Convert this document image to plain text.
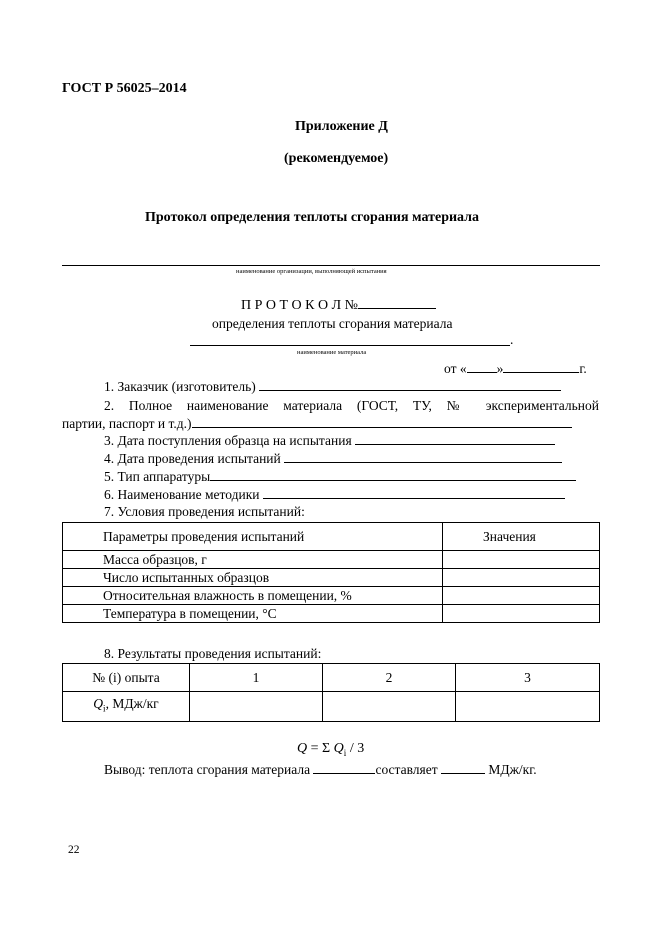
ГОСТ Р 56025–2014
Приложение Д
(рекомендуемое)
Протокол определения теплоты сгорания материала
наименование организации, выполняющей испытания
П Р О Т О К О Л №
определения теплоты сгорания материала
.
наименование материала
от « »	г.
1. Заказчик (изготовитель)
2. Полное наименование материала (ГОСТ, ТУ, № экспериментальной
партии, паспорт и т.д.)
3. Дата поступления образца на испытания
4. Дата проведения испытаний
5. Тип аппаратуры
6. Наименование методики
7. Условия проведения испытаний:
Параметры проведения испытаний	Значения
Масса образцов, г	
Число испытанных образцов	
Относительная влажность в помещении, %	
Температура в помещении, °С	
8. Результаты проведения испытаний:
№ (i) опыта	1	2	3
$Q_i$, МДж/кг			
Q = Σ $Q_i / 3$
Вывод: теплота сгорания материала	составляет	МДж/кг.
22
